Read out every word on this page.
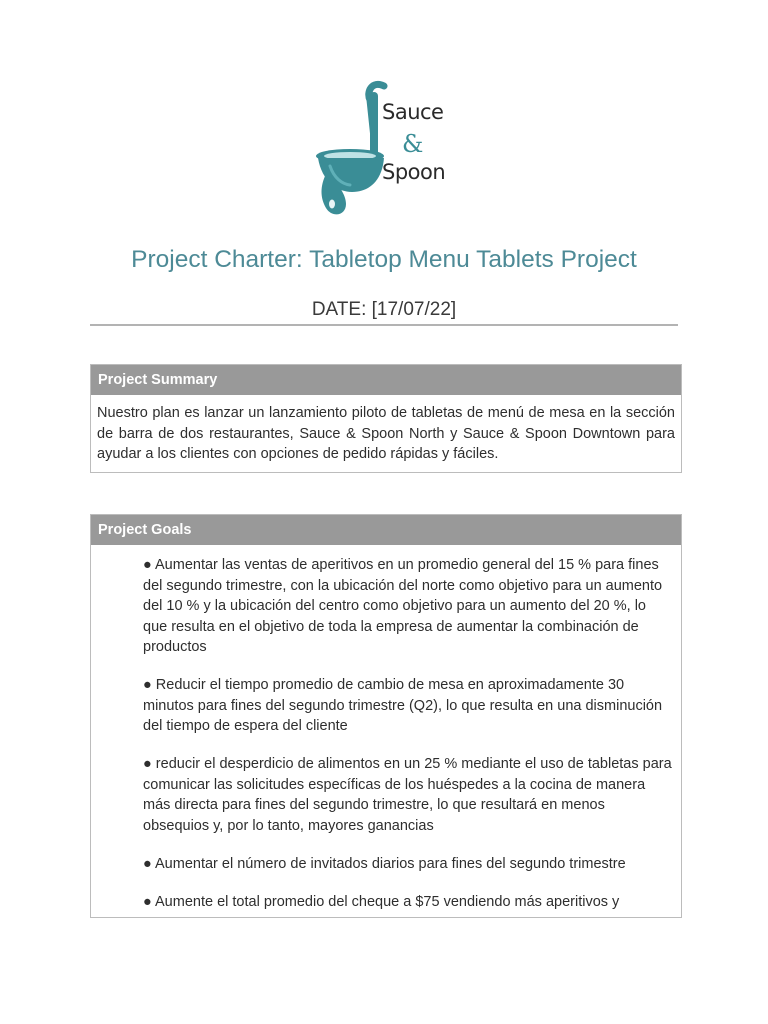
Sauce
&
Spoon
Project Charter: Tabletop Menu Tablets Project

DATE: [17/07/22]

Project Summary
Nuestro plan es lanzar un lanzamiento piloto de tabletas de menú de mesa en la sección de barra de dos restaurantes, Sauce & Spoon North y Sauce & Spoon Downtown para ayudar a los clientes con opciones de pedido rápidas y fáciles.
Project Goals
● Aumentar las ventas de aperitivos en un promedio general del 15 % para fines del segundo trimestre, con la ubicación del norte como objetivo para un aumento del 10 % y la ubicación del centro como objetivo para un aumento del 20 %, lo que resulta en el objetivo de toda la empresa de aumentar la combinación de productos
● Reducir el tiempo promedio de cambio de mesa en aproximadamente 30 minutos para fines del segundo trimestre (Q2), lo que resulta en una disminución del tiempo de espera del cliente
● reducir el desperdicio de alimentos en un 25 % mediante el uso de tabletas para comunicar las solicitudes específicas de los huéspedes a la cocina de manera más directa para fines del segundo trimestre, lo que resultará en menos obsequios y, por lo tanto, mayores ganancias
● Aumentar el número de invitados diarios para fines del segundo trimestre
● Aumente el total promedio del cheque a $75 vendiendo más aperitivos y
